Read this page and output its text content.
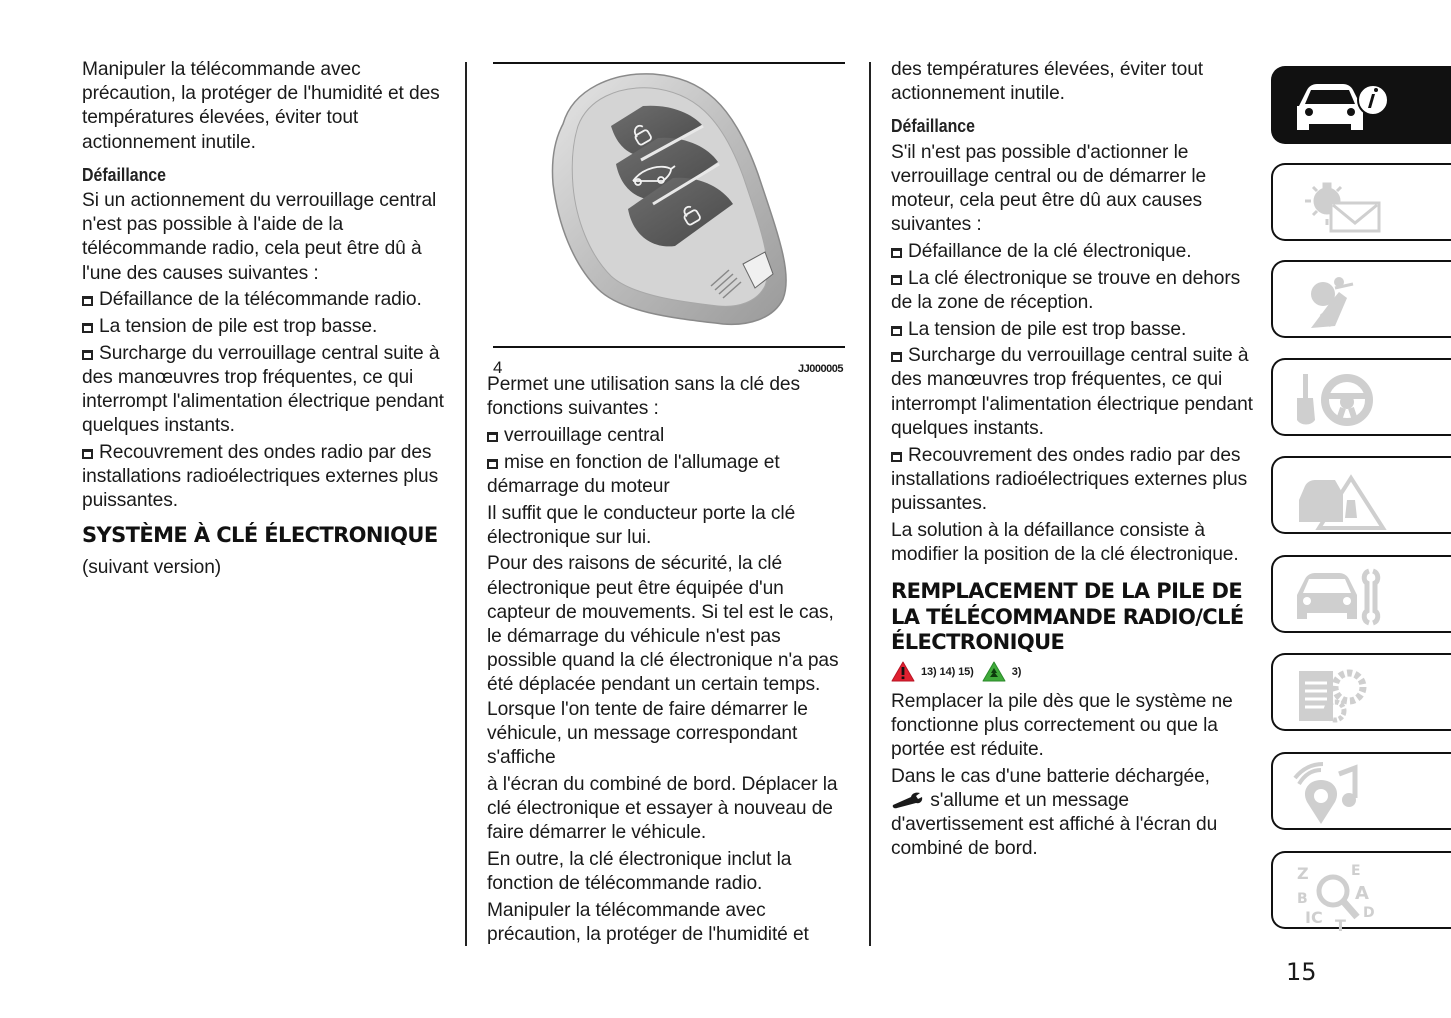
Manipuler la télécommande avec précaution, la protéger de l'humidité et des températures élevées, éviter tout actionnement inutile.

Défaillance

Si un actionnement du verrouillage central n'est pas possible à l'aide de la télécommande radio, cela peut être dû à l'une des causes suivantes :

Défaillance de la télécommande radio.

La tension de pile est trop basse.

Surcharge du verrouillage central suite à des manœuvres trop fréquentes, ce qui interrompt l'alimentation électrique pendant quelques instants.

Recouvrement des ondes radio par des installations radioélectriques externes plus puissantes.

SYSTÈME À CLÉ ÉLECTRONIQUE

(suivant version)

4	JJ000005

Permet une utilisation sans la clé des fonctions suivantes :

verrouillage central

mise en fonction de l'allumage et démarrage du moteur

Il suffit que le conducteur porte la clé électronique sur lui.

Pour des raisons de sécurité, la clé électronique peut être équipée d'un capteur de mouvements. Si tel est le cas, le démarrage du véhicule n'est pas possible quand la clé électronique n'a pas été déplacée pendant un certain temps. Lorsque l'on tente de faire démarrer le véhicule, un message correspondant s'affiche

à l'écran du combiné de bord. Déplacer la clé électronique et essayer à nouveau de faire démarrer le véhicule.

En outre, la clé électronique inclut la fonction de télécommande radio.

Manipuler la télécommande avec précaution, la protéger de l'humidité et

des températures élevées, éviter tout actionnement inutile.

Défaillance

S'il n'est pas possible d'actionner le verrouillage central ou de démarrer le moteur, cela peut être dû aux causes suivantes :

Défaillance de la clé électronique.

La clé électronique se trouve en dehors de la zone de réception.

La tension de pile est trop basse.

Surcharge du verrouillage central suite à des manœuvres trop fréquentes, ce qui interrompt l'alimentation électrique pendant quelques instants.

Recouvrement des ondes radio par des installations radioélectriques externes plus puissantes.

La solution à la défaillance consiste à modifier la position de la clé électronique.

REMPLACEMENT DE LA PILE DE LA TÉLÉCOMMANDE RADIO/CLÉ ÉLECTRONIQUE

13) 14) 15)	3)

Remplacer la pile dès que le système ne fonctionne plus correctement ou que la portée est réduite.

Dans le cas d'une batterie déchargée,
s'allume et un message d'avertissement est affiché à l'écran du combiné de bord.

Z
B
IC
E
A
D
T
15
